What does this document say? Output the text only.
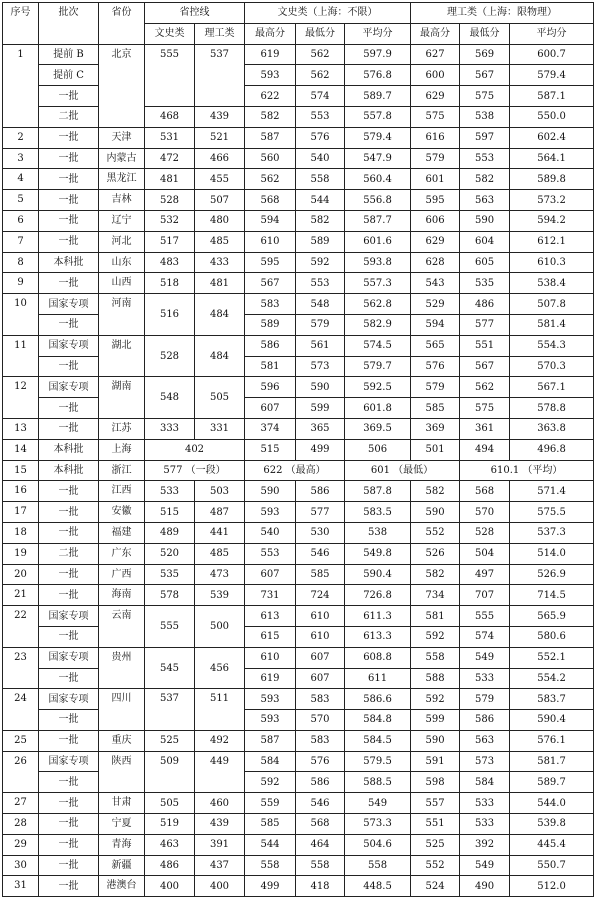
序号	批次	省份	省控线		文史类（上海：不限）			理工类（上海：限物理）		
			文史类	理工类	最高分	最低分	平均分	最高分	最低分	平均分
1	提前 B	北京	555	537	619	562	597.9	627	569	600.7
	提前 C				593	562	576.8	600	567	579.4
	一批				622	574	589.7	629	575	587.1
	二批		468	439	582	553	557.8	575	538	550.0
2	一批	天津	531	521	587	576	579.4	616	597	602.4
3	一批	内蒙古	472	466	560	540	547.9	579	553	564.1
4	一批	黑龙江	481	455	562	558	560.4	601	582	589.8
5	一批	吉林	528	507	568	544	556.8	595	563	573.2
6	一批	辽宁	532	480	594	582	587.7	606	590	594.2
7	一批	河北	517	485	610	589	601.6	629	604	612.1
8	本科批	山东	483	433	595	592	593.8	628	605	610.3
9	一批	山西	518	481	567	553	557.3	543	535	538.4
10	国家专项	河南	516	484	583	548	562.8	529	486	507.8
	一批				589	579	582.9	594	577	581.4
11	国家专项	湖北	528	484	586	561	574.5	565	551	554.3
	一批				581	573	579.7	576	567	570.3
12	国家专项	湖南	548	505	596	590	592.5	579	562	567.1
	一批				607	599	601.8	585	575	578.8
13	一批	江苏	333	331	374	365	369.5	369	361	363.8
14	本科批	上海	402		515	499	506	501	494	496.8
15	本科批	浙江	577 （一段）		622 （最高）		601 （最低）		610.1 （平均）	
16	一批	江西	533	503	590	586	587.8	582	568	571.4
17	一批	安徽	515	487	593	577	583.5	590	570	575.5
18	一批	福建	489	441	540	530	538	552	528	537.3
19	二批	广东	520	485	553	546	549.8	526	504	514.0
20	一批	广西	535	473	607	585	590.4	582	497	526.9
21	一批	海南	578	539	731	724	726.8	734	707	714.5
22	国家专项	云南	555	500	613	610	611.3	581	555	565.9
	一批				615	610	613.3	592	574	580.6
23	国家专项	贵州	545	456	610	607	608.8	558	549	552.1
	一批				619	607	611	588	533	554.2
24	国家专项	四川	537	511	593	583	586.6	592	579	583.7
	一批				593	570	584.8	599	586	590.4
25	一批	重庆	525	492	587	583	584.5	590	563	576.1
26	国家专项	陕西	509	449	584	576	579.5	591	573	581.7
	一批				592	586	588.5	598	584	589.7
27	一批	甘肃	505	460	559	546	549	557	533	544.0
28	一批	宁夏	519	439	585	568	573.3	551	533	539.8
29	一批	青海	463	391	544	464	504.6	525	392	445.4
30	一批	新疆	486	437	558	558	558	552	549	550.7
31	一批	港澳台	400	400	499	418	448.5	524	490	512.0
